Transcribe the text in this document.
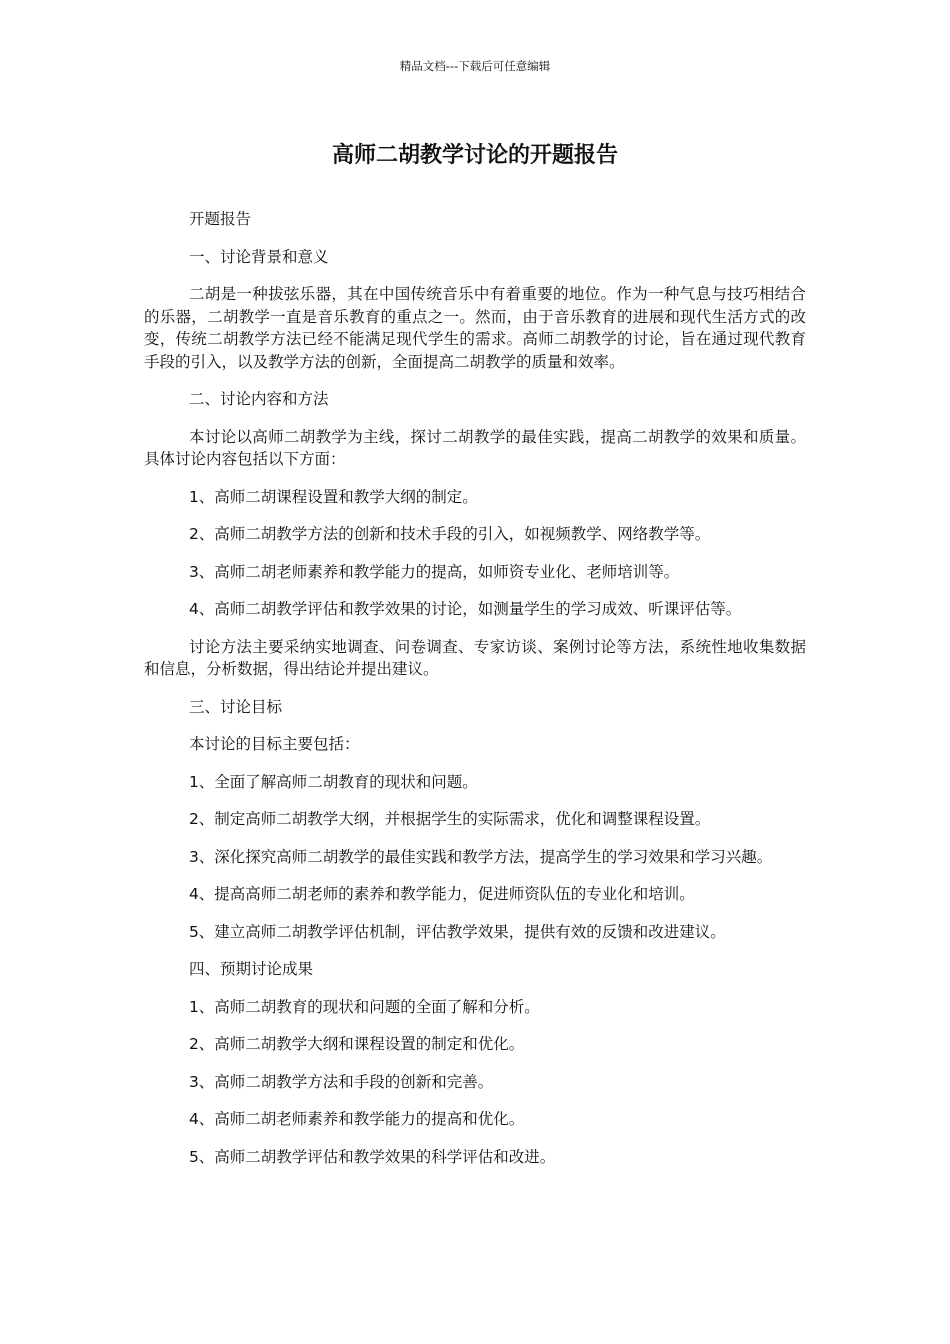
精品文档---下载后可任意编辑
高师二胡教学讨论的开题报告

开题报告

一、讨论背景和意义

二胡是一种拔弦乐器，其在中国传统音乐中有着重要的地位。作为一种气息与技巧相结合的乐器，二胡教学一直是音乐教育的重点之一。然而，由于音乐教育的进展和现代生活方式的改变，传统二胡教学方法已经不能满足现代学生的需求。高师二胡教学的讨论，旨在通过现代教育手段的引入，以及教学方法的创新，全面提高二胡教学的质量和效率。

二、讨论内容和方法

本讨论以高师二胡教学为主线，探讨二胡教学的最佳实践，提高二胡教学的效果和质量。具体讨论内容包括以下方面：

1、高师二胡课程设置和教学大纲的制定。

2、高师二胡教学方法的创新和技术手段的引入，如视频教学、网络教学等。

3、高师二胡老师素养和教学能力的提高，如师资专业化、老师培训等。

4、高师二胡教学评估和教学效果的讨论，如测量学生的学习成效、听课评估等。

讨论方法主要采纳实地调查、问卷调查、专家访谈、案例讨论等方法，系统性地收集数据和信息，分析数据，得出结论并提出建议。

三、讨论目标

本讨论的目标主要包括：

1、全面了解高师二胡教育的现状和问题。

2、制定高师二胡教学大纲，并根据学生的实际需求，优化和调整课程设置。

3、深化探究高师二胡教学的最佳实践和教学方法，提高学生的学习效果和学习兴趣。

4、提高高师二胡老师的素养和教学能力，促进师资队伍的专业化和培训。

5、建立高师二胡教学评估机制，评估教学效果，提供有效的反馈和改进建议。

四、预期讨论成果

1、高师二胡教育的现状和问题的全面了解和分析。

2、高师二胡教学大纲和课程设置的制定和优化。

3、高师二胡教学方法和手段的创新和完善。

4、高师二胡老师素养和教学能力的提高和优化。

5、高师二胡教学评估和教学效果的科学评估和改进。
